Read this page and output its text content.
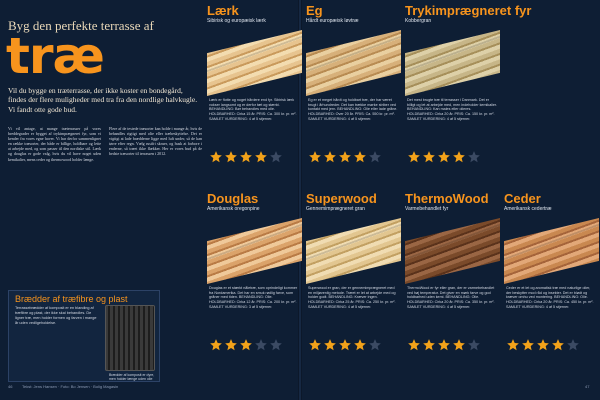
Byg den perfekte terrasse af
træ
Vil du bygge en træterrasse, der ikke koster en bondegård, findes der flere muligheder med tra fra den nordlige halvkugle. Vi fandt otte gode bud.
Vi vil antage, at mange træterrasser på vores breddegrader er bygget af trykimprægneret fyr, som vi kender fra vores egne haver. Vi har derfor sammenlignet en række træsorter, der både er billige, holdbare og lette at arbejde med, og som passer til den nordiske stil. Lærk og douglas er gode valg, hvis du vil have noget uden kemikalier, mens ceder og thermowood holder længe.
Flere af de testede træsorter kan holde i mange år, hvis de behandles rigtigt med olie eller træbeskyttelse. Det er vigtigt at lade brædderne ligge med luft under, så de kan tørre efter regn. Vælg rustfri skruer, og husk at forbore i enderne, så træet ikke flækker. Her er vores bud på de bedste træsorter til terrassen i 2012.
Brædder af træfibre og plast
Terrassebrædder af komposit er en blanding af træfibre og plast, der ikke skal behandles. De ligner træ, men holder formen og farven i mange år uden vedligeholdelse.
Brædder af komposit er dyre, men holder længe uden olie
46 Tekst: Jens Hansen · Foto: Bo Jensen · Bolig Magasin
Lærk
Sibirisk og europæisk lærk
Lærk er flotte og noget hårdere end fyr. Sibirisk lærk vokser langsomt og er derfor tæt og stærkt. BEHANDLING: Bør behandles med olie. HOLDBARHED: Cirka 15 år. PRIS: Ca. 300 kr. pr. m². SAMLET VURDERING: 4 af 5 stjerner.
Eg
Hårdt europæisk løvtræ
Eg er et meget hårdt og holdbart træ, der har været brugt i århundreder. Det kan trække mørke striber ved kontakt med jern. BEHANDLING: Olie eller lade gråne. HOLDBARHED: Over 20 år. PRIS: Ca. 550 kr. pr. m². SAMLET VURDERING: 4 af 5 stjerner.
Trykimprægneret fyr
Kobbergran
Det mest brugte træ til terrasser i Danmark. Det er billigt og let at arbejde med, men indeholder kemikalier. BEHANDLING: Kan males eller olieres. HOLDBARHED: Cirka 20 år. PRIS: Ca. 150 kr. pr. m². SAMLET VURDERING: 4 af 5 stjerner.
Douglas
Amerikansk oregonpine
Douglas er et stærkt nåletræ, som oprindeligt kommer fra Nordamerika. Det har en smuk rødlig farve, som gråner med tiden. BEHANDLING: Olie. HOLDBARHED: Cirka 12 år. PRIS: Ca. 200 kr. pr. m². SAMLET VURDERING: 3 af 5 stjerner.
Superwood
Gennemimprægneret gran
Superwood er gran, der er gennemimprægneret med en miljøvenlig metode. Træet er let at arbejde med og holder godt. BEHANDLING: Kræver ingen. HOLDBARHED: Cirka 25 år. PRIS: Ca. 250 kr. pr. m². SAMLET VURDERING: 4 af 5 stjerner.
ThermoWood
Varmebehandlet fyr
ThermoWood er fyr eller gran, der er varmebehandlet ved høj temperatur. Det giver en mørk farve og god holdbarhed uden kemi. BEHANDLING: Olie. HOLDBARHED: Cirka 20 år. PRIS: Ca. 350 kr. pr. m². SAMLET VURDERING: 4 af 5 stjerner.
Ceder
Amerikansk cedertræ
Ceder er et let og aromatisk træ med naturlige olier, der beskytter mod råd og insekter. Det er blødt og kræver omhu ved montering. BEHANDLING: Olie. HOLDBARHED: Cirka 20 år. PRIS: Ca. 450 kr. pr. m². SAMLET VURDERING: 4 af 5 stjerner.
47
